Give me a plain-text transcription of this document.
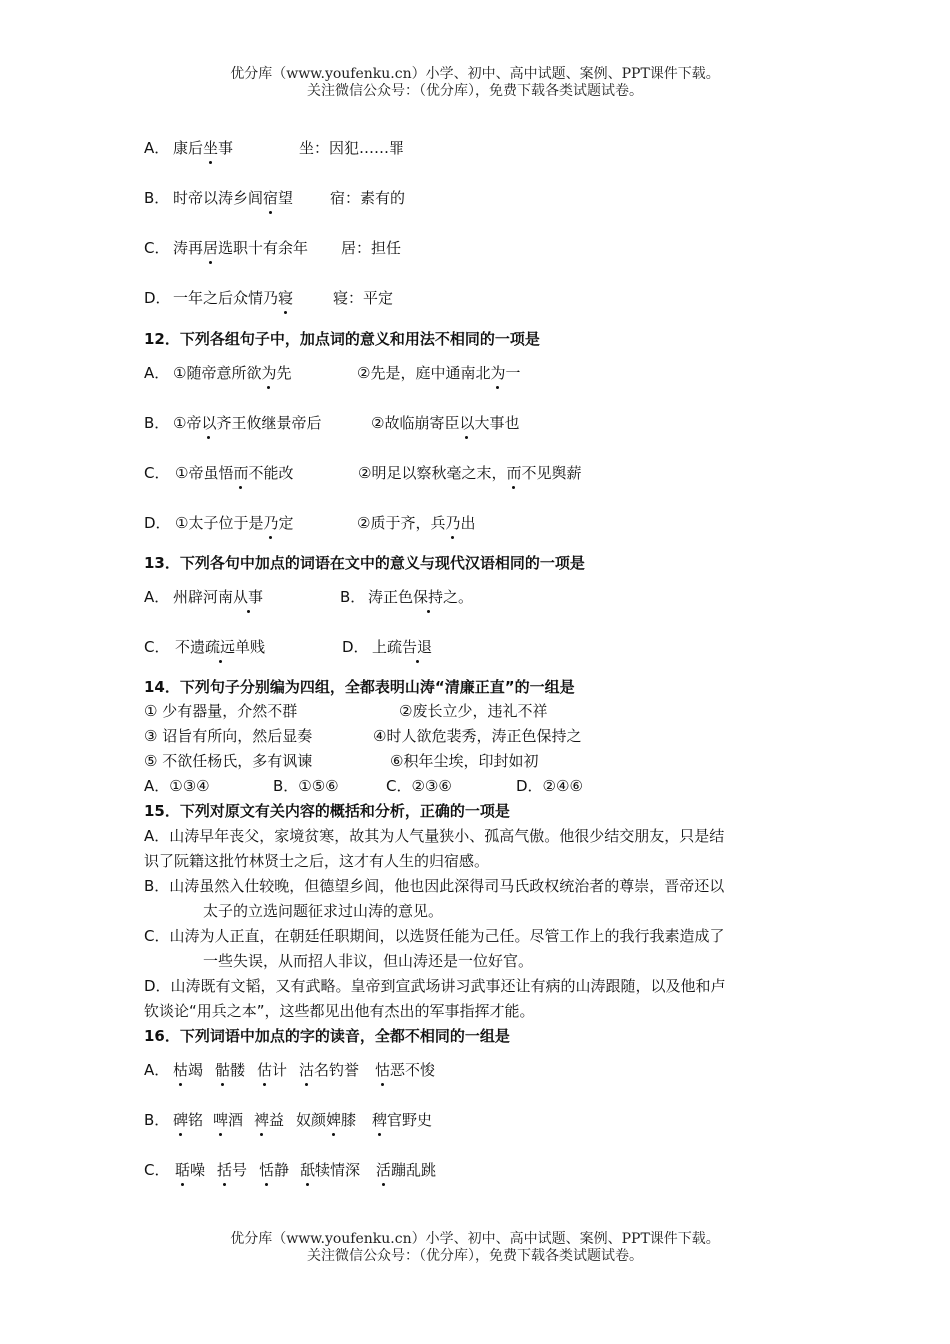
优分库（www.youfenku.cn）小学、初中、高中试题、案例、PPT课件下载。
关注微信公众号：（优分库），免费下载各类试题试卷。
A． 康后坐事	坐：因犯……罪
B． 时帝以涛乡闾宿望 宿：素有的
C． 涛再居选职十有余年 居：担任
D． 一年之后众情乃寝	寝：平定
12．下列各组句子中，加点词的意义和用法不相同的一项是
A． ①随帝意所欲为先	②先是，庭中通南北为一
B． ①帝以齐王攸继景帝后	②故临崩寄臣以大事也
C． ①帝虽悟而不能改	②明足以察秋毫之末，而不见舆薪
D． ①太子位于是乃定	②质于齐，兵乃出
13．下列各句中加点的词语在文中的意义与现代汉语相同的一项是
A． 州辟河南从事	B． 涛正色保持之。
C． 不遗疏远单贱	D． 上疏告退
14．下列句子分别编为四组，全都表明山涛“清廉正直”的一组是
① 少有器量，介然不群	②废长立少，违礼不祥
③ 诏旨有所向，然后显奏	④时人欲危裴秀，涛正色保持之
⑤ 不欲任杨氏，多有讽谏	⑥积年尘埃，印封如初
A．①③④	B．①⑤⑥	C．②③⑥	D．②④⑥
15．下列对原文有关内容的概括和分析，正确的一项是
A．山涛早年丧父，家境贫寒，故其为人气量狭小、孤高气傲。他很少结交朋友，只是结
识了阮籍这批竹林贤士之后，这才有人生的归宿感。
B．山涛虽然入仕较晚，但德望乡闾，他也因此深得司马氏政权统治者的尊崇，晋帝还以
太子的立选问题征求过山涛的意见。
C．山涛为人正直，在朝廷任职期间，以选贤任能为己任。尽管工作上的我行我素造成了
一些失误，从而招人非议，但山涛还是一位好官。
D．山涛既有文韬，又有武略。皇帝到宣武场讲习武事还让有病的山涛跟随，以及他和卢
钦谈论“用兵之本”，这些都见出他有杰出的军事指挥才能。
16．下列词语中加点的字的读音，全都不相同的一组是
A． 枯竭 骷髅 估计 沽名钓誉 怙恶不悛
B． 碑铭 啤酒 裨益 奴颜婢膝 稗官野史
C． 聒噪 括号 恬静 舐犊情深 活蹦乱跳
优分库（www.youfenku.cn）小学、初中、高中试题、案例、PPT课件下载。
关注微信公众号：（优分库），免费下载各类试题试卷。
